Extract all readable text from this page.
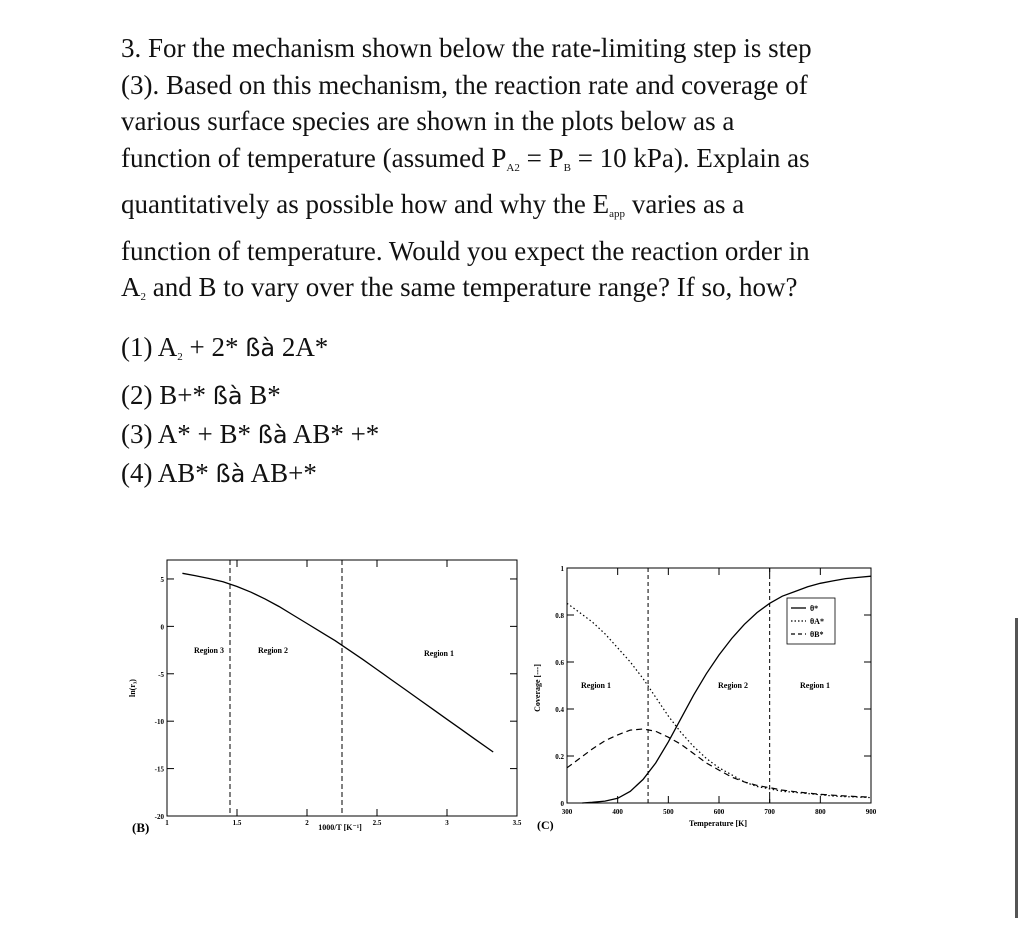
3. For the mechanism shown below the rate-limiting step is step
(3). Based on this mechanism, the reaction rate and coverage of
various surface species are shown in the plots below as a
function of temperature (assumed $P_{A2} = P_B = 10$ kPa). Explain as
quantitatively as possible how and why the $E_{app}$ varies as a
function of temperature. Would you expect the reaction order in
$A_2$ and B to vary over the same temperature range? If so, how?
(1) $A_2 + 2*$ ßà 2A*
(2) B+* ßà B*
(3) A* + B* ßà AB* +*
(4) AB* ßà AB+*
1	1.5	2	2.5	3	3.5
5
0
-5
-10
-15
-20
Region 3	Region 2	Region 1
ln(r₃)
1000/T [K⁻¹]
(B)
300	400	500	600	700	800	900
0
0.2
0.4
0.6
0.8
1
Region 1	Region 2	Region 1
Coverage [---]
Temperature [K]
(C)
θ*
θA*
θB*
